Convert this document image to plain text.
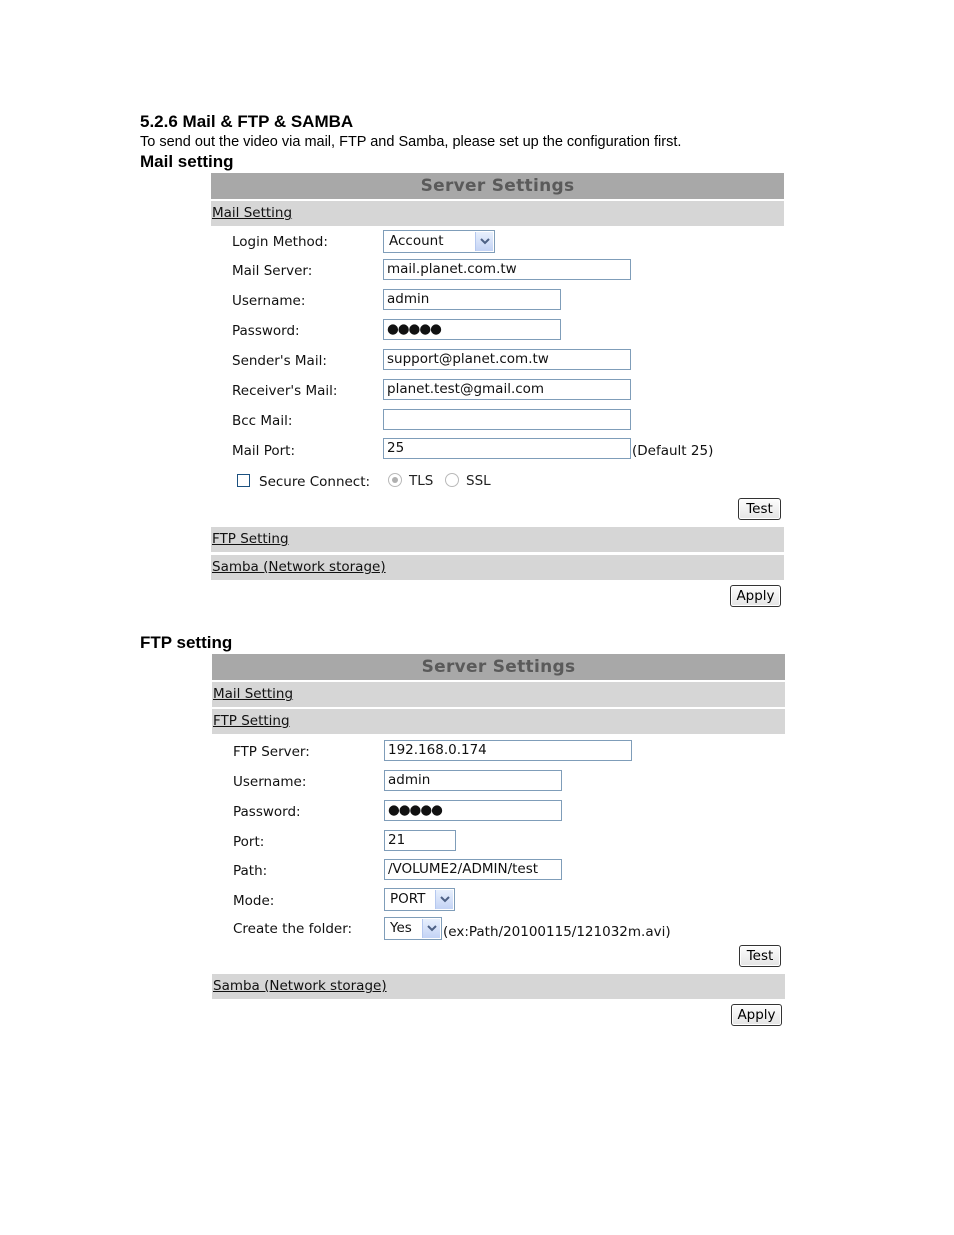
5.2.6 Mail & FTP & SAMBA
To send out the video via mail, FTP and Samba, please set up the configuration first.
Mail setting
Server Settings
Mail Setting
Login Method:	Account
Mail Server:	mail.planet.com.tw
Username:	admin
Password:	●●●●●
Sender's Mail:	support@planet.com.tw
Receiver's Mail:	planet.test@gmail.com
Bcc Mail:
Mail Port:	25	(Default 25)
Secure Connect:	TLS SSL
Test
FTP Setting
Samba (Network storage)
Apply
FTP setting
Server Settings
Mail Setting
FTP Setting
FTP Server:	192.168.0.174
Username:	admin
Password:	●●●●●
Port:	21
Path:	/VOLUME2/ADMIN/test
Mode:	PORT
Create the folder:	Yes	(ex:Path/20100115/121032m.avi)
Test
Samba (Network storage)
Apply
